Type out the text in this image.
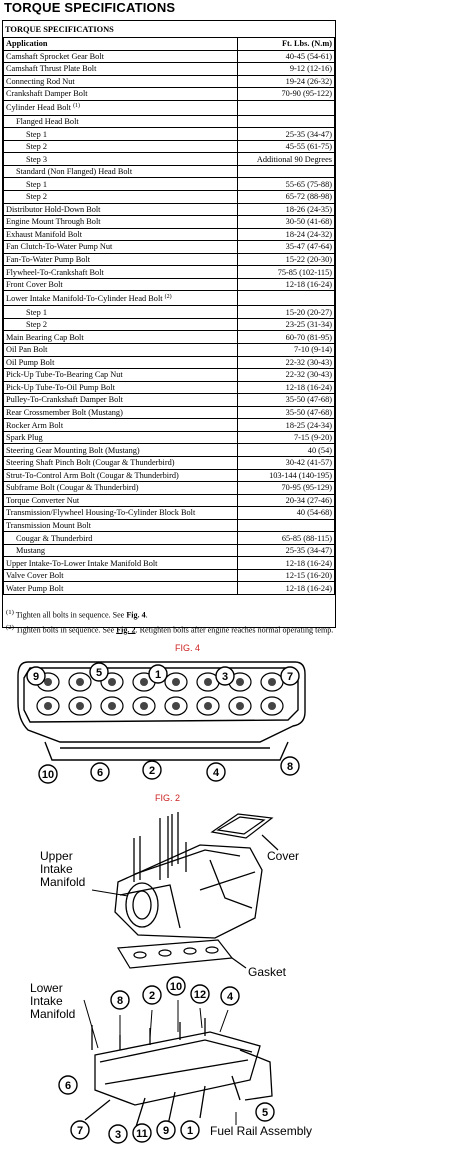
TORQUE SPECIFICATIONS
TORQUE SPECIFICATIONS
Application	Ft. Lbs. (N.m)
Camshaft Sprocket Gear Bolt	40-45 (54-61)
Camshaft Thrust Plate Bolt	9-12 (12-16)
Connecting Rod Nut	19-24 (26-32)
Crankshaft Damper Bolt	70-90 (95-122)
Cylinder Head Bolt $^{(1)}$	
Flanged Head Bolt	
Step 1	25-35 (34-47)
Step 2	45-55 (61-75)
Step 3	Additional 90 Degrees
Standard (Non Flanged) Head Bolt	
Step 1	55-65 (75-88)
Step 2	65-72 (88-98)
Distributor Hold-Down Bolt	18-26 (24-35)
Engine Mount Through Bolt	30-50 (41-68)
Exhaust Manifold Bolt	18-24 (24-32)
Fan Clutch-To-Water Pump Nut	35-47 (47-64)
Fan-To-Water Pump Bolt	15-22 (20-30)
Flywheel-To-Crankshaft Bolt	75-85 (102-115)
Front Cover Bolt	12-18 (16-24)
Lower Intake Manifold-To-Cylinder Head Bolt $^{(2)}$	
Step 1	15-20 (20-27)
Step 2	23-25 (31-34)
Main Bearing Cap Bolt	60-70 (81-95)
Oil Pan Bolt	7-10 (9-14)
Oil Pump Bolt	22-32 (30-43)
Pick-Up Tube-To-Bearing Cap Nut	22-32 (30-43)
Pick-Up Tube-To-Oil Pump Bolt	12-18 (16-24)
Pulley-To-Crankshaft Damper Bolt	35-50 (47-68)
Rear Crossmember Bolt (Mustang)	35-50 (47-68)
Rocker Arm Bolt	18-25 (24-34)
Spark Plug	7-15 (9-20)
Steering Gear Mounting Bolt (Mustang)	40 (54)
Steering Shaft Pinch Bolt (Cougar & Thunderbird)	30-42 (41-57)
Strut-To-Control Arm Bolt (Cougar & Thunderbird)	103-144 (140-195)
Subframe Bolt (Cougar & Thunderbird)	70-95 (95-129)
Torque Converter Nut	20-34 (27-46)
Transmission/Flywheel Housing-To-Cylinder Block Bolt	40 (54-68)
Transmission Mount Bolt	
Cougar & Thunderbird	65-85 (88-115)
Mustang	25-35 (34-47)
Upper Intake-To-Lower Intake Manifold Bolt	12-18 (16-24)
Valve Cover Bolt	12-15 (16-20)
Water Pump Bolt	12-18 (16-24)
$^{(1)}$ Tighten all bolts in sequence. See Fig. 4.
$^{(2)}$ Tighten bolts in sequence. See Fig. 2. Retighten bolts after engine reaches normal operating temp.
FIG. 4
9	5	1	3	7
10	6	2	4	8
FIG. 2
Upper Intake Manifold
Cover
Gasket
Lower Intake Manifold
Fuel Rail Assembly
8 2
10
12 4
7	3 11 9 1
6
5
